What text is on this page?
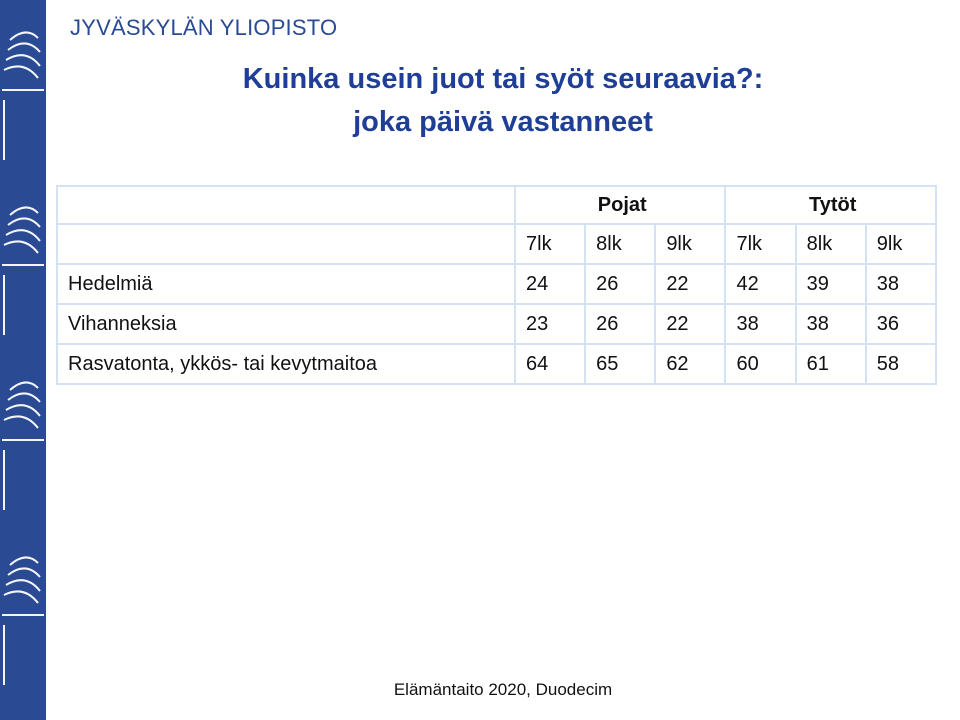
JYVÄSKYLÄN YLIOPISTO
Kuinka usein juot tai syöt seuraavia?:
joka päivä vastanneet
	Pojat			Tytöt		
	7lk	8lk	9lk	7lk	8lk	9lk
Hedelmiä	24	26	22	42	39	38
Vihanneksia	23	26	22	38	38	36
Rasvatonta, ykkös- tai kevytmaitoa	64	65	62	60	61	58
Elämäntaito 2020, Duodecim
